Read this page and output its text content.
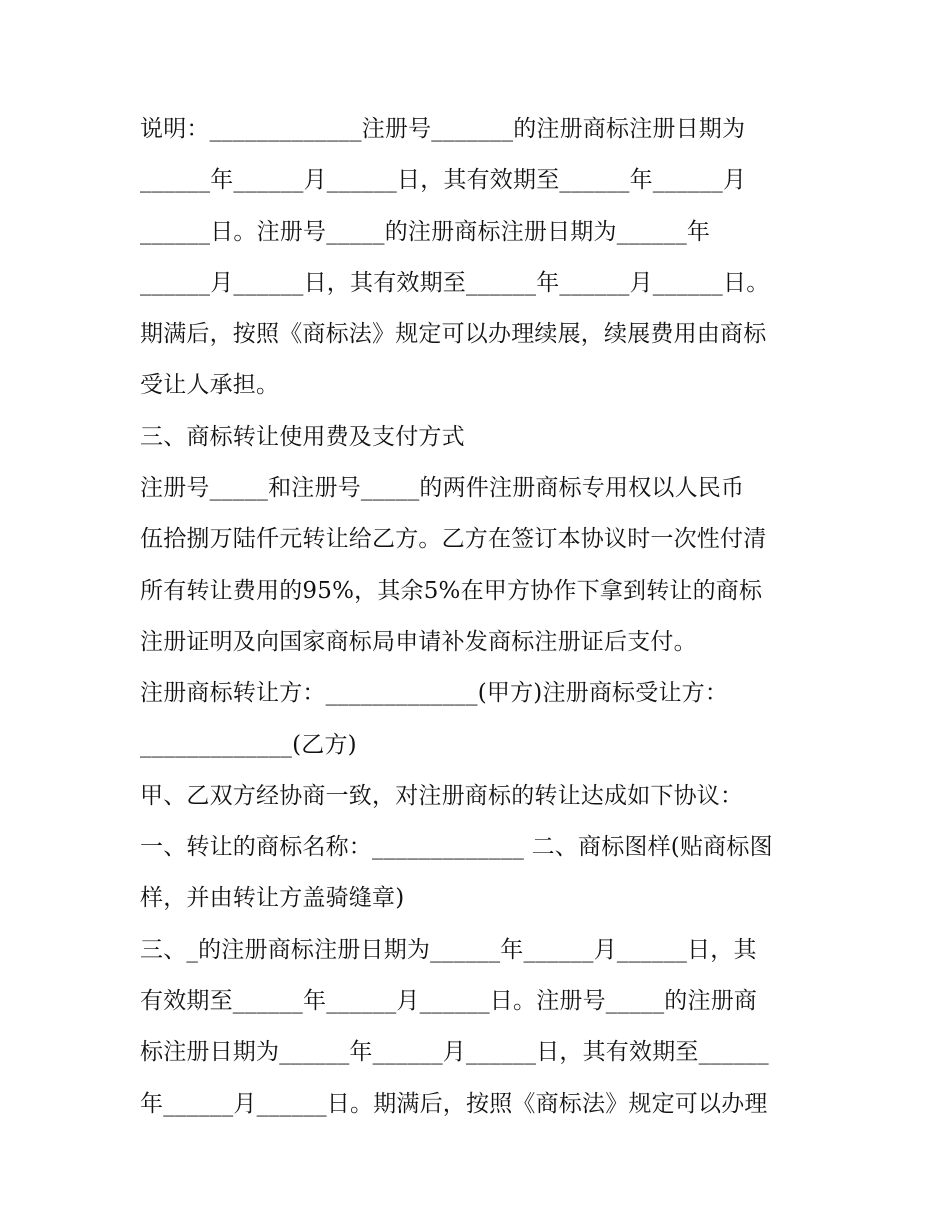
说明：_____________注册号_______的注册商标注册日期为
______年______月______日，其有效期至______年______月
______日。注册号_____的注册商标注册日期为______年
______月______日，其有效期至______年______月______日。
期满后，按照《商标法》规定可以办理续展，续展费用由商标
受让人承担。
三、商标转让使用费及支付方式
注册号_____和注册号_____的两件注册商标专用权以人民币
伍拾捌万陆仟元转让给乙方。乙方在签订本协议时一次性付清
所有转让费用的95%，其余5%在甲方协作下拿到转让的商标
注册证明及向国家商标局申请补发商标注册证后支付。
注册商标转让方：_____________(甲方)注册商标受让方：
_____________(乙方)
甲、乙双方经协商一致，对注册商标的转让达成如下协议：
一、转让的商标名称：_____________ 二、商标图样(贴商标图
样，并由转让方盖骑缝章)
三、_的注册商标注册日期为______年______月______日，其
有效期至______年______月______日。注册号_____的注册商
标注册日期为______年______月______日，其有效期至______
年______月______日。期满后，按照《商标法》规定可以办理
